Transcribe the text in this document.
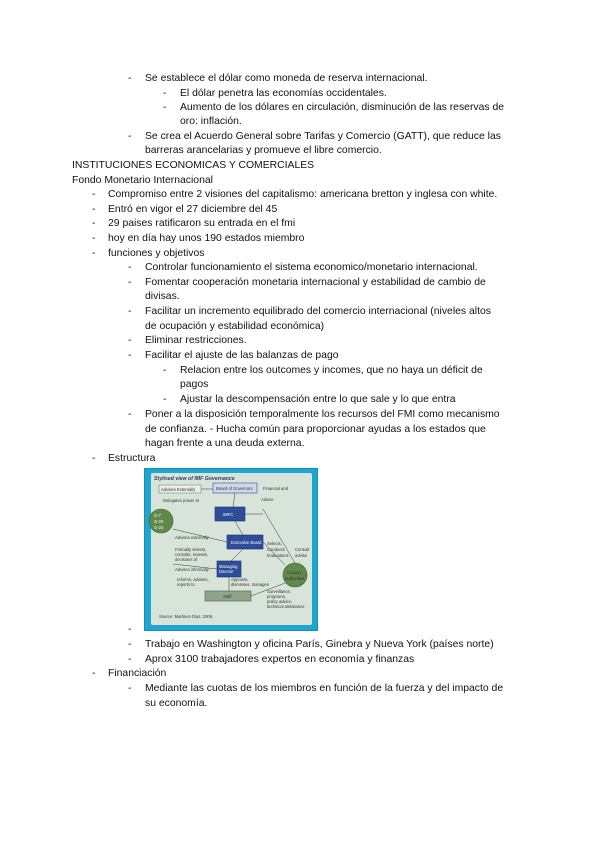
- Se establece el dólar como moneda de reserva internacional.
- El dólar penetra las economías occidentales.
- Aumento de los dólares en circulación, disminución de las reservas de
oro: inflación.
- Se crea el Acuerdo General sobre Tarifas y Comercio (GATT), que reduce las
barreras arancelarias y promueve el libre comercio.
INSTITUCIONES ECONOMICAS Y COMERCIALES
Fondo Monetario Internacional
- Compromiso entre 2 visiones del capitalismo: americana bretton y inglesa con white.
- Entró en vigor el 27 diciembre del 45
- 29 paises ratificaron su entrada en el fmi
- hoy en día hay unos 190 estados miembro
- funciones y objetivos
- Controlar funcionamiento el sistema economico/monetario internacional.
- Fomentar cooperación monetaria internacional y estabilidad de cambio de
divisas.
- Facilitar un incremento equilibrado del comercio internacional (niveles altos
de ocupación y estabilidad económica)
- Eliminar restricciones.
- Facilitar el ajuste de las balanzas de pago
- Relacion entre los outcomes y incomes, que no haya un déficit de
pagos
- Ajustar la descompensación entre lo que sale y lo que entra
- Poner a la disposición temporalmente los recursos del FMI como mecanismo
de confianza. - Hucha común para proporcionar ayudas a los estados que
hagan frente a una deuda externa.
- Estructura
Stylised view of IMF Governance
Board of Governors
Advises Externally
Delegates power to
Financial and
Advice
IMFC
G-7
G-20
G-24
Advises externally
Formally selects,
consults, reviews,
decisions of
Advises informally
Executive Board Selects,
Conducts
Evaluations
Managing
Director	Country
authorities
Consult
advise
Staff
Informs, advises,
reports to
Appoints,
dismisses, manages
Surveillance,
programs,
policy advice,
technical assistance
Source: Martinez-Diaz, 2008.
-
- Trabajo en Washington y oficina París, Ginebra y Nueva York (países norte)
- Aprox 3100 trabajadores expertos en economía y finanzas
- Financiación
- Mediante las cuotas de los miembros en función de la fuerza y del impacto de
su economía.
